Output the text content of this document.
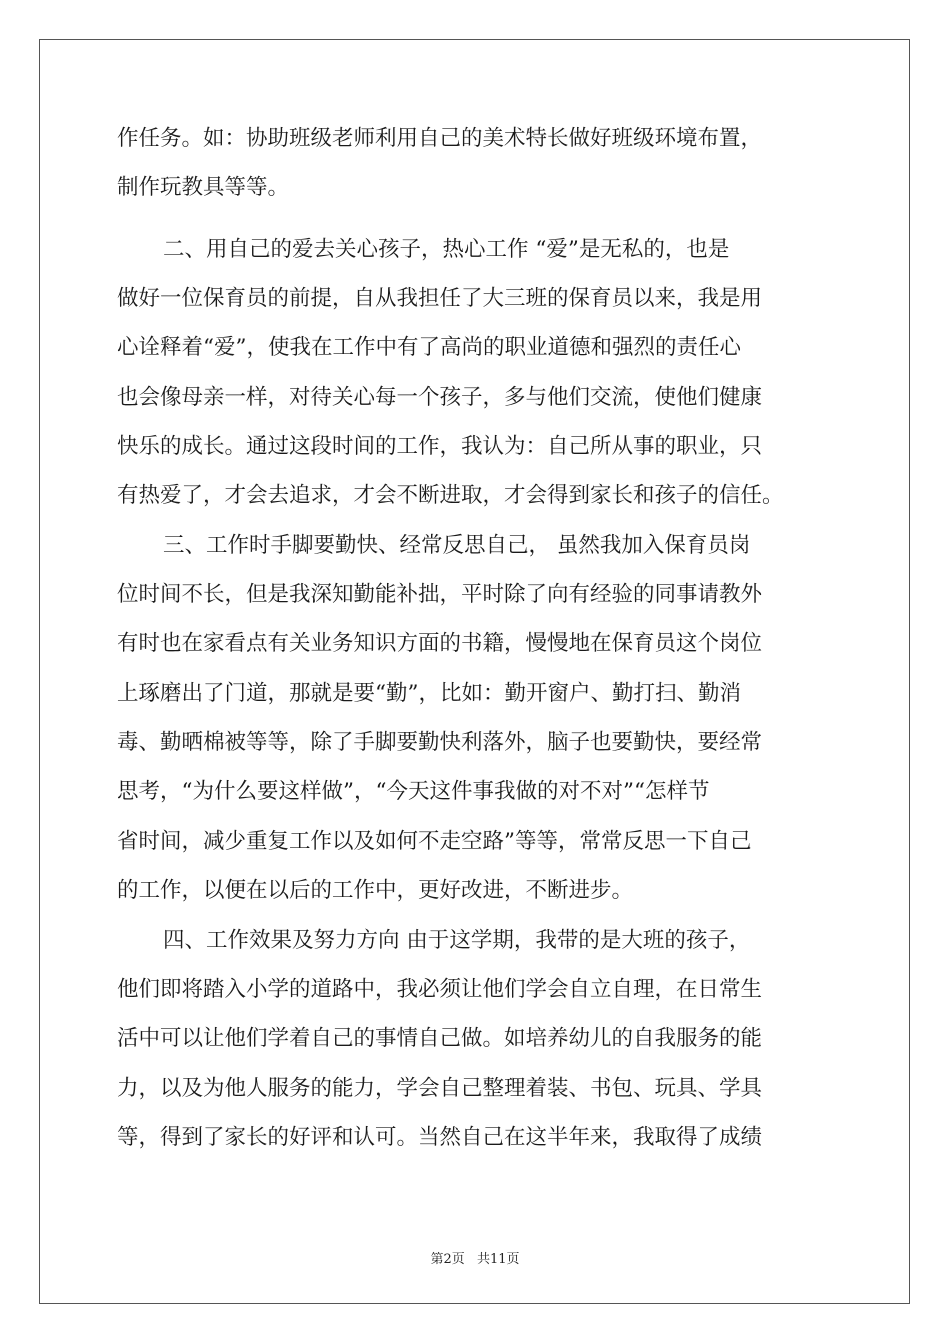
作任务。如：协助班级老师利用自己的美术特长做好班级环境布置，
制作玩教具等等。
二、用自己的爱去关心孩子，热心工作 “爱”是无私的，也是
做好一位保育员的前提，自从我担任了大三班的保育员以来，我是用
心诠释着“爱”，使我在工作中有了高尚的职业道德和强烈的责任心
也会像母亲一样，对待关心每一个孩子，多与他们交流，使他们健康
快乐的成长。通过这段时间的工作，我认为：自己所从事的职业，只
有热爱了，才会去追求，才会不断进取，才会得到家长和孩子的信任。
三、工作时手脚要勤快、经常反思自己， 虽然我加入保育员岗
位时间不长，但是我深知勤能补拙，平时除了向有经验的同事请教外
有时也在家看点有关业务知识方面的书籍，慢慢地在保育员这个岗位
上琢磨出了门道，那就是要“勤”，比如：勤开窗户、勤打扫、勤消
毒、勤晒棉被等等，除了手脚要勤快利落外，脑子也要勤快，要经常
思考，“为什么要这样做”，“今天这件事我做的对不对”“怎样节
省时间，减少重复工作以及如何不走空路”等等，常常反思一下自己
的工作，以便在以后的工作中，更好改进，不断进步。
四、工作效果及努力方向 由于这学期，我带的是大班的孩子，
他们即将踏入小学的道路中，我必须让他们学会自立自理，在日常生
活中可以让他们学着自己的事情自己做。如培养幼儿的自我服务的能
力，以及为他人服务的能力，学会自己整理着装、书包、玩具、学具
等，得到了家长的好评和认可。当然自己在这半年来，我取得了成绩
第2页 共11页
